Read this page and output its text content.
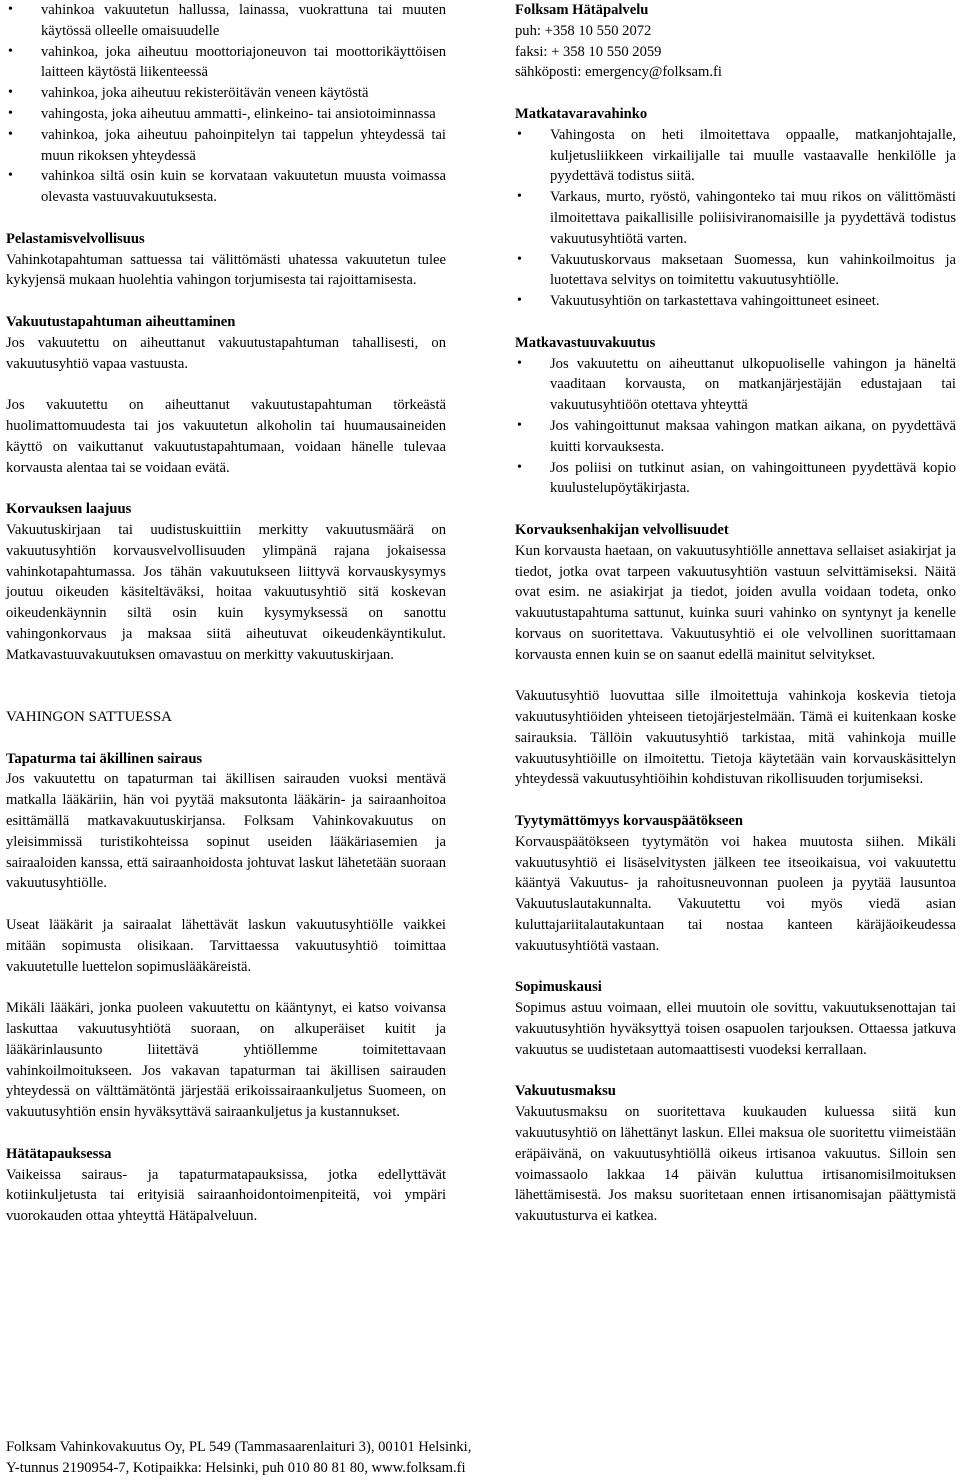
• vahinkoa vakuutetun hallussa, lainassa, vuokrattuna tai muuten käytössä olleelle omaisuudelle
• vahinkoa, joka aiheutuu moottoriajoneuvon tai moottorikäyttöisen laitteen käytöstä liikenteessä
• vahinkoa, joka aiheutuu rekisteröitävän veneen käytöstä
• vahingosta, joka aiheutuu ammatti-, elinkeino- tai ansiotoiminnassa
• vahinkoa, joka aiheutuu pahoinpitelyn tai tappelun yhteydessä tai muun rikoksen yhteydessä
• vahinkoa siltä osin kuin se korvataan vakuutetun muusta voimassa olevasta vastuuvakuutuksesta.
Pelastamisvelvollisuus

Vahinkotapahtuman sattuessa tai välittömästi uhatessa vakuutetun tulee kykyjensä mukaan huolehtia vahingon torjumisesta tai rajoittamisesta.

Vakuutustapahtuman aiheuttaminen

Jos vakuutettu on aiheuttanut vakuutustapahtuman tahallisesti, on vakuutusyhtiö vapaa vastuusta.

Jos vakuutettu on aiheuttanut vakuutustapahtuman törkeästä huolimattomuudesta tai jos vakuutetun alkoholin tai huumausaineiden käyttö on vaikuttanut vakuutustapahtumaan, voidaan hänelle tulevaa korvausta alentaa tai se voidaan evätä.

Korvauksen laajuus

Vakuutuskirjaan tai uudistuskuittiin merkitty vakuutusmäärä on vakuutusyhtiön korvausvelvollisuuden ylimpänä rajana jokaisessa vahinkotapahtumassa. Jos tähän vakuutukseen liittyvä korvauskysymys joutuu oikeuden käsiteltäväksi, hoitaa vakuutusyhtiö sitä koskevan oikeudenkäynnin siltä osin kuin kysymyksessä on sanottu vahingonkorvaus ja maksaa siitä aiheutuvat oikeudenkäyntikulut. Matkavastuuvakuutuksen omavastuu on merkitty vakuutuskirjaan.

VAHINGON SATTUESSA
Tapaturma tai äkillinen sairaus

Jos vakuutettu on tapaturman tai äkillisen sairauden vuoksi mentävä matkalla lääkäriin, hän voi pyytää maksutonta lääkärin- ja sairaanhoitoa esittämällä matkavakuutuskirjansa. Folksam Vahinkovakuutus on yleisimmissä turistikohteissa sopinut useiden lääkäriasemien ja sairaaloiden kanssa, että sairaanhoidosta johtuvat laskut lähetetään suoraan vakuutusyhtiölle.

Useat lääkärit ja sairaalat lähettävät laskun vakuutusyhtiölle vaikkei mitään sopimusta olisikaan. Tarvittaessa vakuutusyhtiö toimittaa vakuutetulle luettelon sopimuslääkäreistä.

Mikäli lääkäri, jonka puoleen vakuutettu on kääntynyt, ei katso voivansa laskuttaa vakuutusyhtiötä suoraan, on alkuperäiset kuitit ja lääkärinlausunto liitettävä yhtiöllemme toimitettavaan vahinkoilmoitukseen. Jos vakavan tapaturman tai äkillisen sairauden yhteydessä on välttämätöntä järjestää erikoissairaankuljetus Suomeen, on vakuutusyhtiön ensin hyväksyttävä sairaankuljetus ja kustannukset.

Hätätapauksessa

Vaikeissa sairaus- ja tapaturmatapauksissa, jotka edellyttävät kotiinkuljetusta tai erityisiä sairaanhoidontoimenpiteitä, voi ympäri vuorokauden ottaa yhteyttä Hätäpalveluun.

Folksam Hätäpalvelu

puh: +358 10 550 2072

faksi: + 358 10 550 2059

sähköposti: emergency@folksam.fi

Matkatavaravahinko
• Vahingosta on heti ilmoitettava oppaalle, matkanjohtajalle, kuljetusliikkeen virkailijalle tai muulle vastaavalle henkilölle ja pyydettävä todistus siitä.
• Varkaus, murto, ryöstö, vahingonteko tai muu rikos on välittömästi ilmoitettava paikallisille poliisiviranomaisille ja pyydettävä todistus vakuutusyhtiötä varten.
• Vakuutuskorvaus maksetaan Suomessa, kun vahinkoilmoitus ja luotettava selvitys on toimitettu vakuutusyhtiölle.
• Vakuutusyhtiön on tarkastettava vahingoittuneet esineet.
Matkavastuuvakuutus
• Jos vakuutettu on aiheuttanut ulkopuoliselle vahingon ja häneltä vaaditaan korvausta, on matkanjärjestäjän edustajaan tai vakuutusyhtiöön otettava yhteyttä
• Jos vahingoittunut maksaa vahingon matkan aikana, on pyydettävä kuitti korvauksesta.
• Jos poliisi on tutkinut asian, on vahingoittuneen pyydettävä kopio kuulustelupöytäkirjasta.
Korvauksenhakijan velvollisuudet

Kun korvausta haetaan, on vakuutusyhtiölle annettava sellaiset asiakirjat ja tiedot, jotka ovat tarpeen vakuutusyhtiön vastuun selvittämiseksi. Näitä ovat esim. ne asiakirjat ja tiedot, joiden avulla voidaan todeta, onko vakuutustapahtuma sattunut, kuinka suuri vahinko on syntynyt ja kenelle korvaus on suoritettava. Vakuutusyhtiö ei ole velvollinen suorittamaan korvausta ennen kuin se on saanut edellä mainitut selvitykset.

Vakuutusyhtiö luovuttaa sille ilmoitettuja vahinkoja koskevia tietoja vakuutusyhtiöiden yhteiseen tietojärjestelmään. Tämä ei kuitenkaan koske sairauksia. Tällöin vakuutusyhtiö tarkistaa, mitä vahinkoja muille vakuutusyhtiöille on ilmoitettu. Tietoja käytetään vain korvauskäsittelyn yhteydessä vakuutusyhtiöihin kohdistuvan rikollisuuden torjumiseksi.

Tyytymättömyys korvauspäätökseen

Korvauspäätökseen tyytymätön voi hakea muutosta siihen. Mikäli vakuutusyhtiö ei lisäselvitysten jälkeen tee itseoikaisua, voi vakuutettu kääntyä Vakuutus- ja rahoitusneuvonnan puoleen ja pyytää lausuntoa Vakuutuslautakunnalta. Vakuutettu voi myös viedä asian kuluttajariitalautakuntaan tai nostaa kanteen käräjäoikeudessa vakuutusyhtiötä vastaan.

Sopimuskausi

Sopimus astuu voimaan, ellei muutoin ole sovittu, vakuutuksenottajan tai vakuutusyhtiön hyväksyttyä toisen osapuolen tarjouksen. Ottaessa jatkuva vakuutus se uudistetaan automaattisesti vuodeksi kerrallaan.

Vakuutusmaksu

Vakuutusmaksu on suoritettava kuukauden kuluessa siitä kun vakuutusyhtiö on lähettänyt laskun. Ellei maksua ole suoritettu viimeistään eräpäivänä, on vakuutusyhtiöllä oikeus irtisanoa vakuutus. Silloin sen voimassaolo lakkaa 14 päivän kuluttua irtisanomisilmoituksen lähettämisestä. Jos maksu suoritetaan ennen irtisanomisajan päättymistä vakuutusturva ei katkea.

Folksam Vahinkovakuutus Oy, PL 549 (Tammasaarenlaituri 3), 00101 Helsinki,

Y-tunnus 2190954-7, Kotipaikka: Helsinki, puh 010 80 81 80, www.folksam.fi
